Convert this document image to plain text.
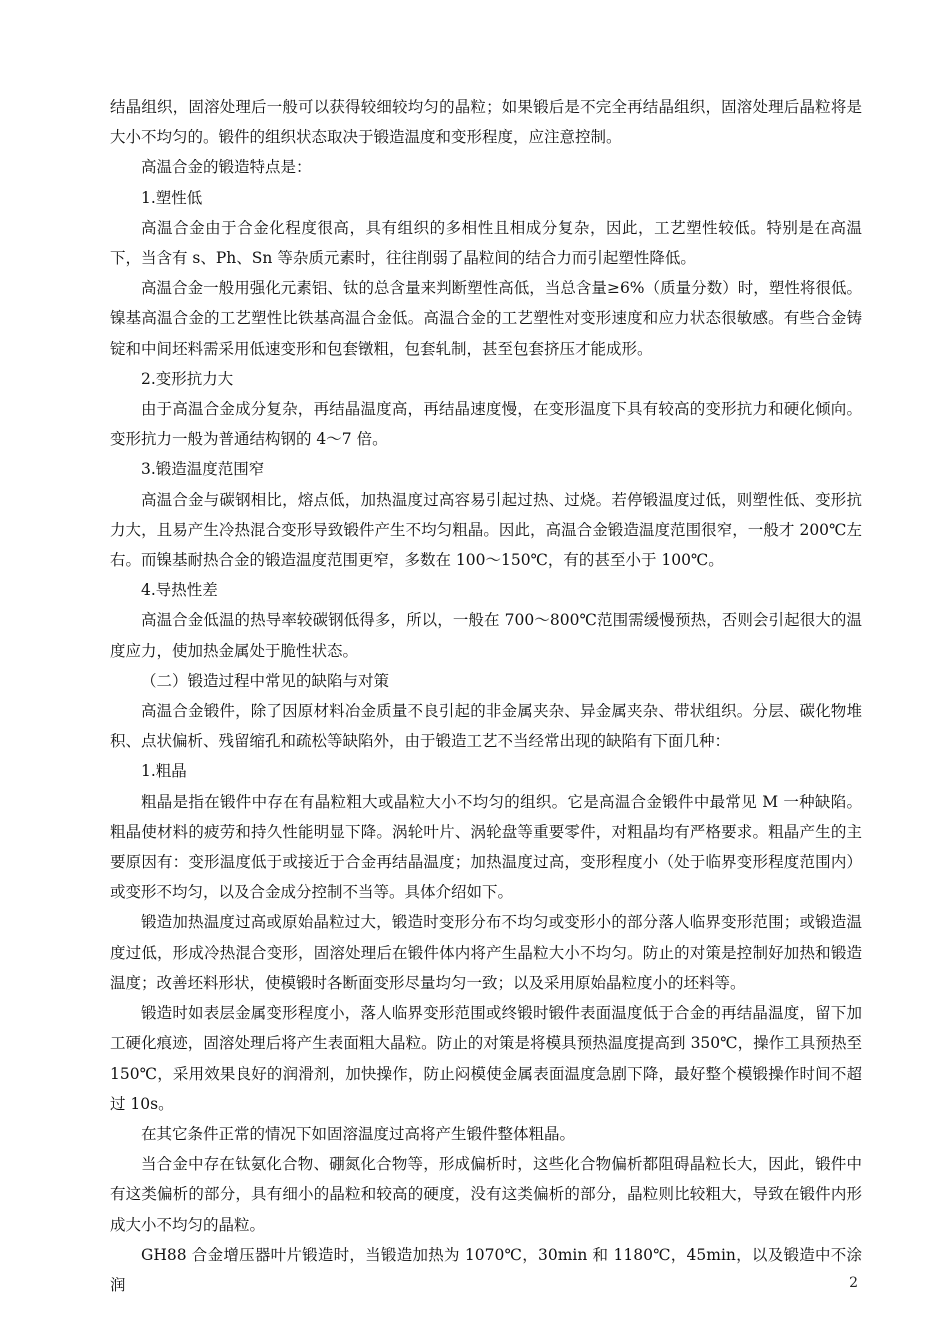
结晶组织，固溶处理后一般可以获得较细较均匀的晶粒；如果锻后是不完全再结晶组织，固溶处理后晶粒将是大小不均匀的。锻件的组织状态取决于锻造温度和变形程度，应注意控制。

高温合金的锻造特点是：

1.塑性低

高温合金由于合金化程度很高，具有组织的多相性且相成分复杂，因此，工艺塑性较低。特别是在高温下，当含有 s、Ph、Sn 等杂质元素时，往往削弱了晶粒间的结合力而引起塑性降低。

高温合金一般用强化元素铝、钛的总含量来判断塑性高低，当总含量≥6%（质量分数）时，塑性将很低。镍基高温合金的工艺塑性比铁基高温合金低。高温合金的工艺塑性对变形速度和应力状态很敏感。有些合金铸锭和中间坯料需采用低速变形和包套镦粗，包套轧制，甚至包套挤压才能成形。

2.变形抗力大

由于高温合金成分复杂，再结晶温度高，再结晶速度慢，在变形温度下具有较高的变形抗力和硬化倾向。变形抗力一般为普通结构钢的 4～7 倍。

3.锻造温度范围窄

高温合金与碳钢相比，熔点低，加热温度过高容易引起过热、过烧。若停锻温度过低，则塑性低、变形抗力大，且易产生冷热混合变形导致锻件产生不均匀粗晶。因此，高温合金锻造温度范围很窄，一般才 200℃左右。而镍基耐热合金的锻造温度范围更窄，多数在 100～150℃，有的甚至小于 100℃。

4.导热性差

高温合金低温的热导率较碳钢低得多，所以，一般在 700～800℃范围需缓慢预热，否则会引起很大的温度应力，使加热金属处于脆性状态。

（二）锻造过程中常见的缺陷与对策

高温合金锻件，除了因原材料冶金质量不良引起的非金属夹杂、异金属夹杂、带状组织。分层、碳化物堆积、点状偏析、残留缩孔和疏松等缺陷外，由于锻造工艺不当经常出现的缺陷有下面几种：

1.粗晶

粗晶是指在锻件中存在有晶粒粗大或晶粒大小不均匀的组织。它是高温合金锻件中最常见 M 一种缺陷。粗晶使材料的疲劳和持久性能明显下降。涡轮叶片、涡轮盘等重要零件，对粗晶均有严格要求。粗晶产生的主要原因有：变形温度低于或接近于合金再结晶温度；加热温度过高，变形程度小（处于临界变形程度范围内）或变形不均匀，以及合金成分控制不当等。具体介绍如下。

锻造加热温度过高或原始晶粒过大，锻造时变形分布不均匀或变形小的部分落人临界变形范围；或锻造温度过低，形成冷热混合变形，固溶处理后在锻件体内将产生晶粒大小不均匀。防止的对策是控制好加热和锻造温度；改善坯料形状，使模锻时各断面变形尽量均匀一致；以及采用原始晶粒度小的坯料等。

锻造时如表层金属变形程度小，落人临界变形范围或终锻时锻件表面温度低于合金的再结晶温度，留下加工硬化痕迹，固溶处理后将产生表面粗大晶粒。防止的对策是将模具预热温度提高到 350℃，操作工具预热至 150℃，采用效果良好的润滑剂，加快操作，防止闷模使金属表面温度急剧下降，最好整个模锻操作时间不超过 10s。

在其它条件正常的情况下如固溶温度过高将产生锻件整体粗晶。

当合金中存在钛氨化合物、硼氮化合物等，形成偏析时，这些化合物偏析都阻碍晶粒长大，因此，锻件中有这类偏析的部分，具有细小的晶粒和较高的硬度，没有这类偏析的部分，晶粒则比较粗大，导致在锻件内形成大小不均匀的晶粒。

GH88 合金增压器叶片锻造时，当锻造加热为 1070℃，30min 和 1180℃，45min，以及锻造中不涂润	2
